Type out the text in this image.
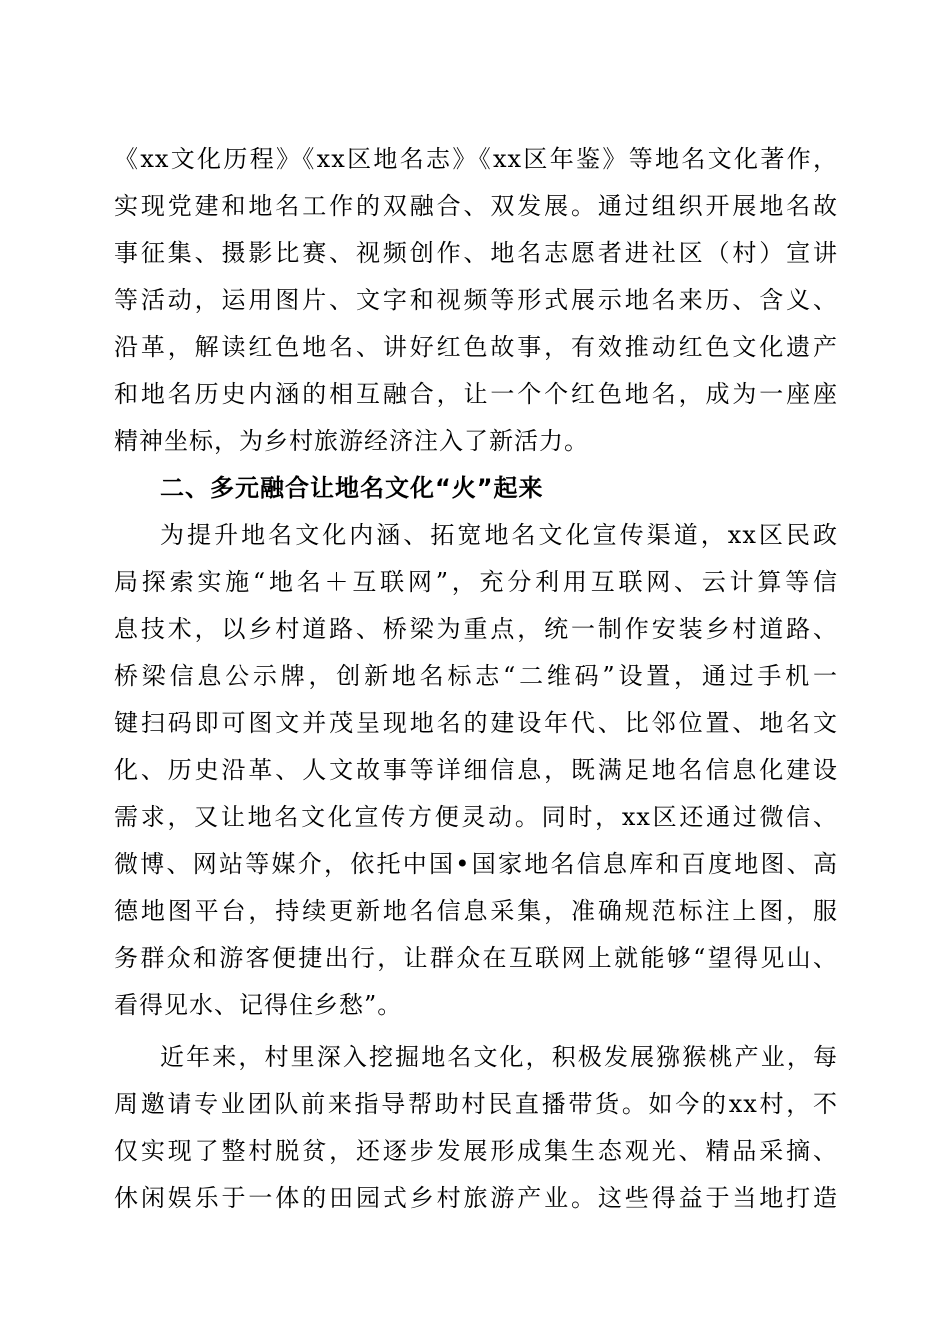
《xx文化历程》《xx区地名志》《xx区年鉴》等地名文化著作，
实现党建和地名工作的双融合、双发展。通过组织开展地名故
事征集、摄影比赛、视频创作、地名志愿者进社区（村）宣讲
等活动，运用图片、文字和视频等形式展示地名来历、含义、
沿革，解读红色地名、讲好红色故事，有效推动红色文化遗产
和地名历史内涵的相互融合，让一个个红色地名，成为一座座
精神坐标，为乡村旅游经济注入了新活力。
二、多元融合让地名文化“火”起来
为提升地名文化内涵、拓宽地名文化宣传渠道，xx区民政
局探索实施“地名＋互联网”，充分利用互联网、云计算等信
息技术，以乡村道路、桥梁为重点，统一制作安装乡村道路、
桥梁信息公示牌，创新地名标志“二维码”设置，通过手机一
键扫码即可图文并茂呈现地名的建设年代、比邻位置、地名文
化、历史沿革、人文故事等详细信息，既满足地名信息化建设
需求，又让地名文化宣传方便灵动。同时，xx区还通过微信、
微博、网站等媒介，依托中国•国家地名信息库和百度地图、高
德地图平台，持续更新地名信息采集，准确规范标注上图，服
务群众和游客便捷出行，让群众在互联网上就能够“望得见山、
看得见水、记得住乡愁”。
近年来，村里深入挖掘地名文化，积极发展猕猴桃产业，每
周邀请专业团队前来指导帮助村民直播带货。如今的xx村，不
仅实现了整村脱贫，还逐步发展形成集生态观光、精品采摘、
休闲娱乐于一体的田园式乡村旅游产业。这些得益于当地打造
